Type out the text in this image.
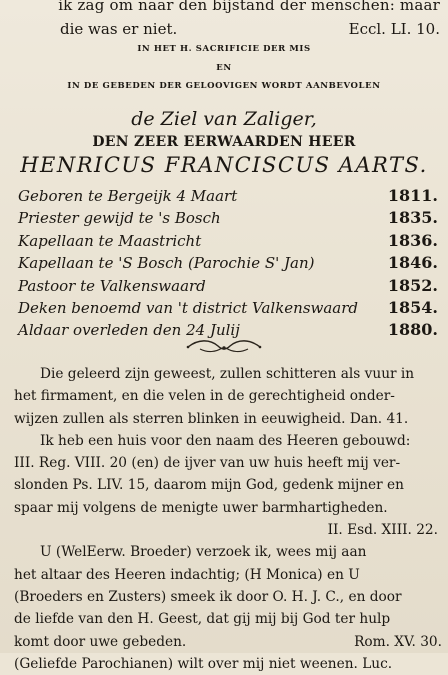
ik zag om naar den bijstand der menschen: maar
die was er niet.	Eccl. LI. 10.
IN HET H. SACRIFICIE DER MIS
EN
IN DE GEBEDEN DER GELOOVIGEN WORDT AANBEVOLEN
de Ziel van Zaliger,
DEN ZEER EERWAARDEN HEER
HENRICUS FRANCISCUS AARTS.
Geboren te Bergeijk 4 Maart	1811.
Priester gewijd te 's Bosch	1835.
Kapellaan te Maastricht	1836.
Kapellaan te 'S Bosch (Parochie S' Jan)	1846.
Pastoor te Valkenswaard	1852.
Deken benoemd van 't district Valkenswaard 1854.
Aldaar overleden den 24 Julij	1880.
Die geleerd zijn geweest, zullen schitteren als vuur in
het firmament, en die velen in de gerechtigheid onder-
wijzen zullen als sterren blinken in eeuwigheid. Dan. 41.
Ik heb een huis voor den naam des Heeren gebouwd:
III. Reg. VIII. 20 (en) de ijver van uw huis heeft mij ver-
slonden Ps. LIV. 15, daarom mijn God, gedenk mijner en
spaar mij volgens de menigte uwer barmhartigheden.
II. Esd. XIII. 22.
U (WelEerw. Broeder) verzoek ik, wees mij aan
het altaar des Heeren indachtig; (H Monica) en U
(Broeders en Zusters) smeek ik door O. H. J. C., en door
de liefde van den H. Geest, dat gij mij bij God ter hulp
komt door uwe gebeden.	Rom. XV. 30.
(Geliefde Parochianen) wilt over mij niet weenen. Luc.
